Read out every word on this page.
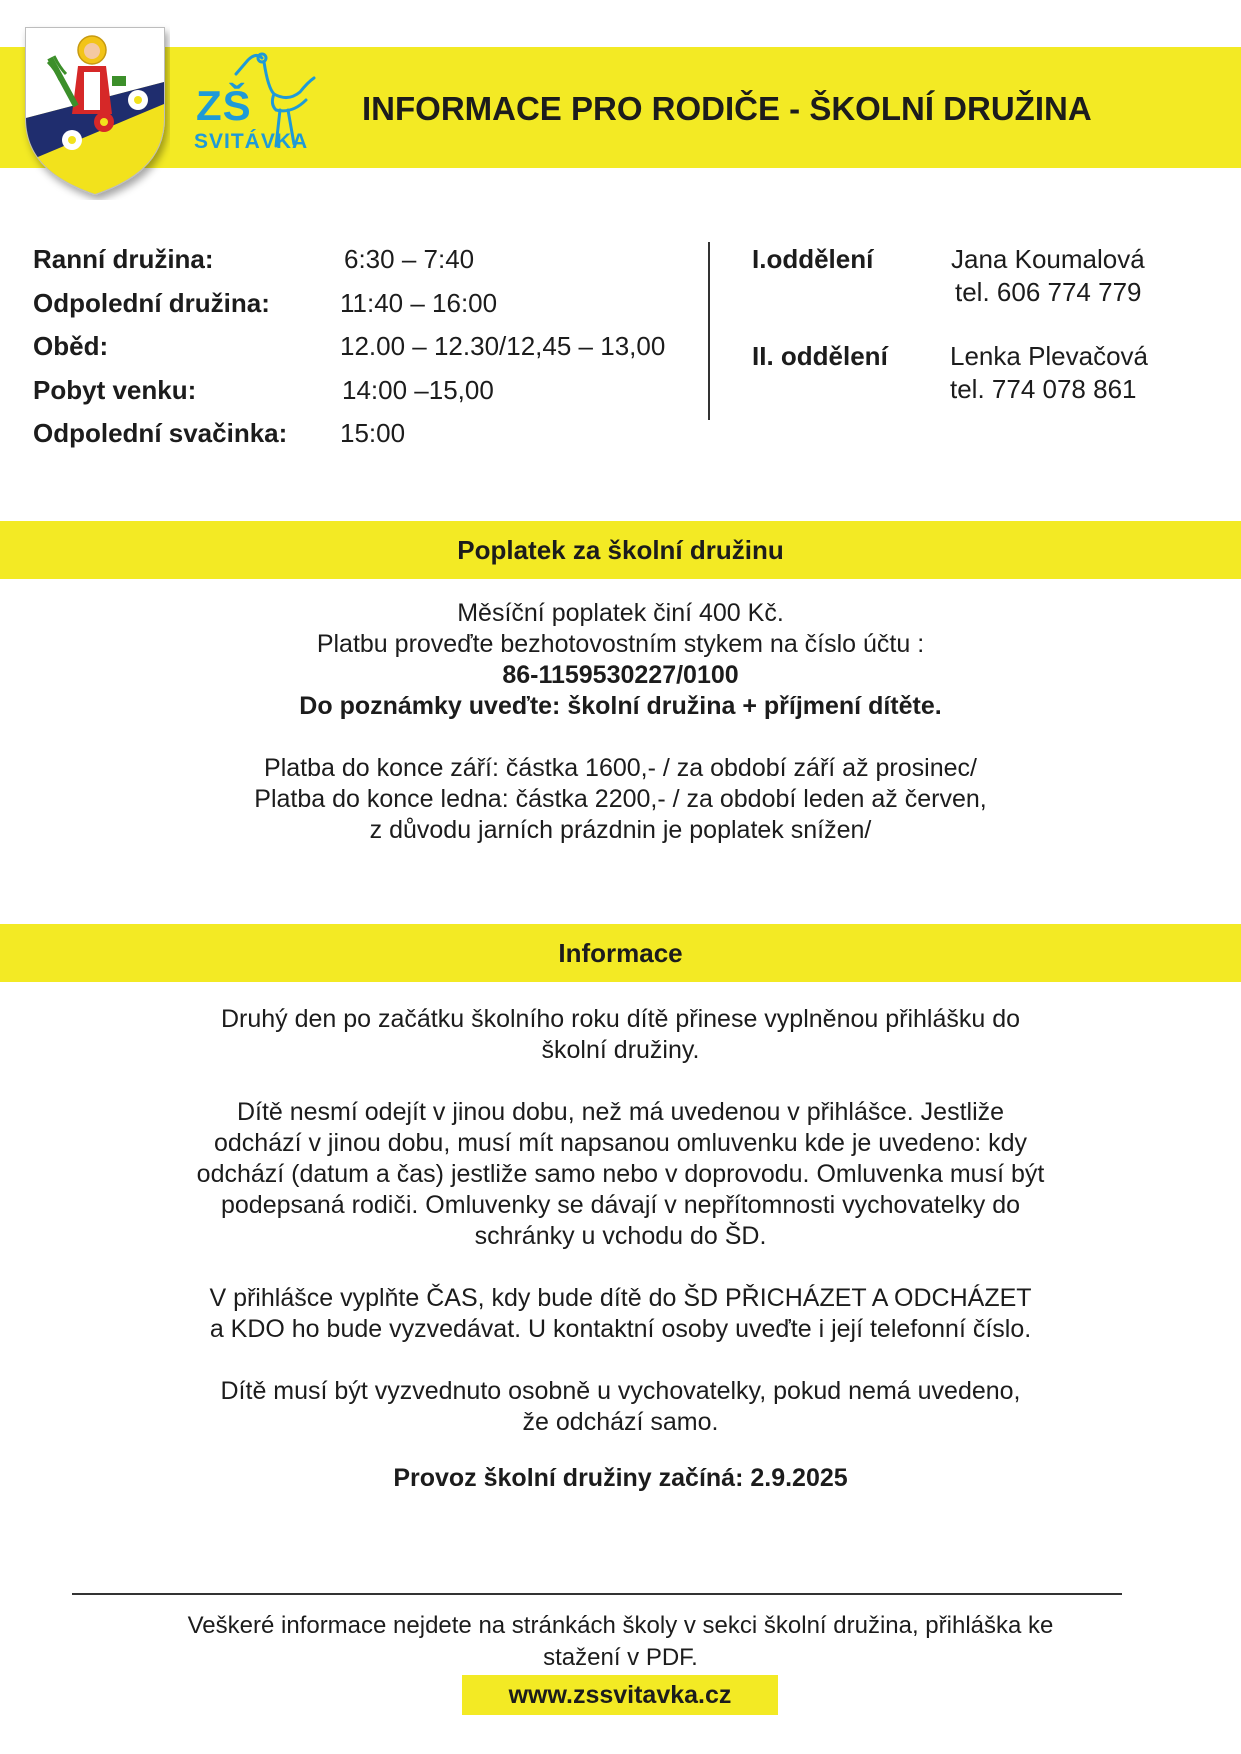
ZŠ
SVITÁVKA
INFORMACE PRO RODIČE - ŠKOLNÍ DRUŽINA
Ranní družina:	6:30 – 7:40
Odpolední družina:	11:40 – 16:00
Oběd:	12.00 – 12.30/12,45 – 13,00
Pobyt venku:	14:00 –15,00
Odpolední svačinka: 15:00
I.oddělení	Jana Koumalová
tel. 606 774 779
II. oddělení Lenka Plevačová
tel. 774 078 861
Poplatek za školní družinu

Měsíční poplatek činí 400 Kč.

Platbu proveďte bezhotovostním stykem na číslo účtu :

86-1159530227/0100

Do poznámky uveďte: školní družina + příjmení dítěte.

Platba do konce září: částka 1600,- / za období září až prosinec/

Platba do konce ledna: částka 2200,- / za období leden až červen,

z důvodu jarních prázdnin je poplatek snížen/

Informace

Druhý den po začátku školního roku dítě přinese vyplněnou přihlášku do

školní družiny.

Dítě nesmí odejít v jinou dobu, než má uvedenou v přihlášce. Jestliže

odchází v jinou dobu, musí mít napsanou omluvenku kde je uvedeno: kdy

odchází (datum a čas) jestliže samo nebo v doprovodu. Omluvenka musí být

podepsaná rodiči. Omluvenky se dávají v nepřítomnosti vychovatelky do

schránky u vchodu do ŠD.

V přihlášce vyplňte ČAS, kdy bude dítě do ŠD PŘICHÁZET A ODCHÁZET

a KDO ho bude vyzvedávat. U kontaktní osoby uveďte i její telefonní číslo.

Dítě musí být vyzvednuto osobně u vychovatelky, pokud nemá uvedeno,

že odchází samo.

Provoz školní družiny začíná: 2.9.2025

Veškeré informace nejdete na stránkách školy v sekci školní družina, přihláška ke
stažení v PDF.
www.zssvitavka.cz
